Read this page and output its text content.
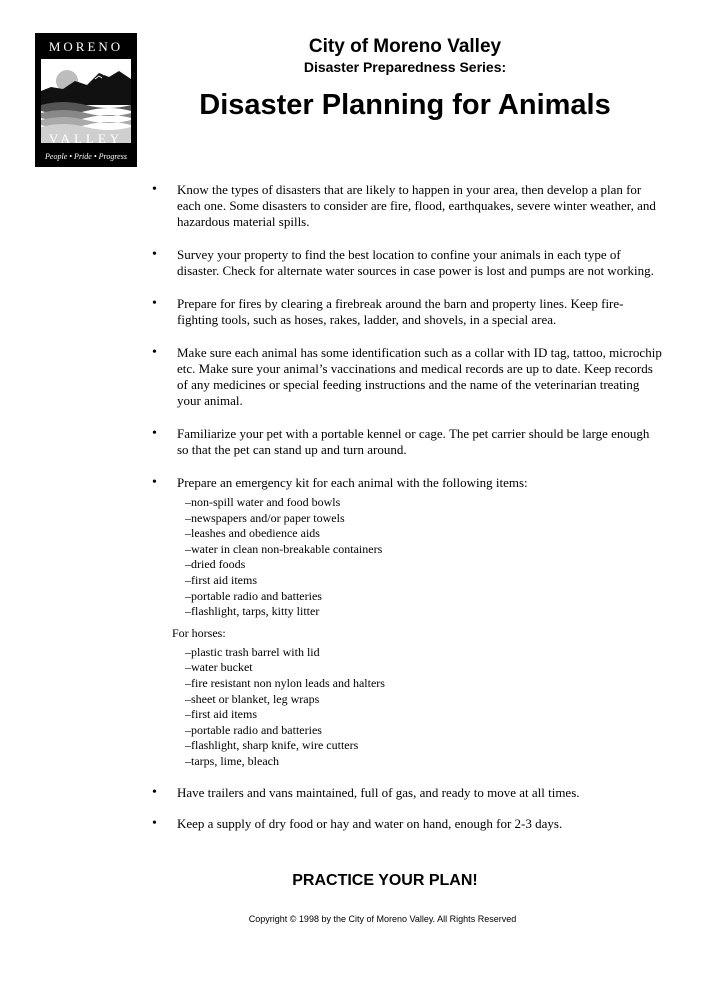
MORENO
VALLEY
People • Pride • Progress
City of Moreno Valley
Disaster Preparedness Series:
Disaster Planning for Animals

• Know the types of disasters that are likely to happen in your area, then develop a plan for each one. Some disasters to consider are fire, flood, earthquakes, severe winter weather, and hazardous material spills.

• Survey your property to find the best location to confine your animals in each type of disaster. Check for alternate water sources in case power is lost and pumps are not working.

• Prepare for fires by clearing a firebreak around the barn and property lines. Keep fire-fighting tools, such as hoses, rakes, ladder, and shovels, in a special area.

• Make sure each animal has some identification such as a collar with ID tag, tattoo, microchip etc. Make sure your animal’s vaccinations and medical records are up to date. Keep records of any medicines or special feeding instructions and the name of the veterinarian treating your animal.

• Familiarize your pet with a portable kennel or cage. The pet carrier should be large enough so that the pet can stand up and turn around.

• Prepare an emergency kit for each animal with the following items:

– non-spill water and food bowls
– newspapers and/or paper towels
– leashes and obedience aids
– water in clean non-breakable containers
– dried foods
– first aid items
– portable radio and batteries
– flashlight, tarps, kitty litter
For horses:
– plastic trash barrel with lid
– water bucket
– fire resistant non nylon leads and halters
– sheet or blanket, leg wraps
– first aid items
– portable radio and batteries
– flashlight, sharp knife, wire cutters
– tarps, lime, bleach

• Have trailers and vans maintained, full of gas, and ready to move at all times.

• Keep a supply of dry food or hay and water on hand, enough for 2-3 days.

PRACTICE YOUR PLAN!
Copyright © 1998 by the City of Moreno Valley. All Rights Reserved
